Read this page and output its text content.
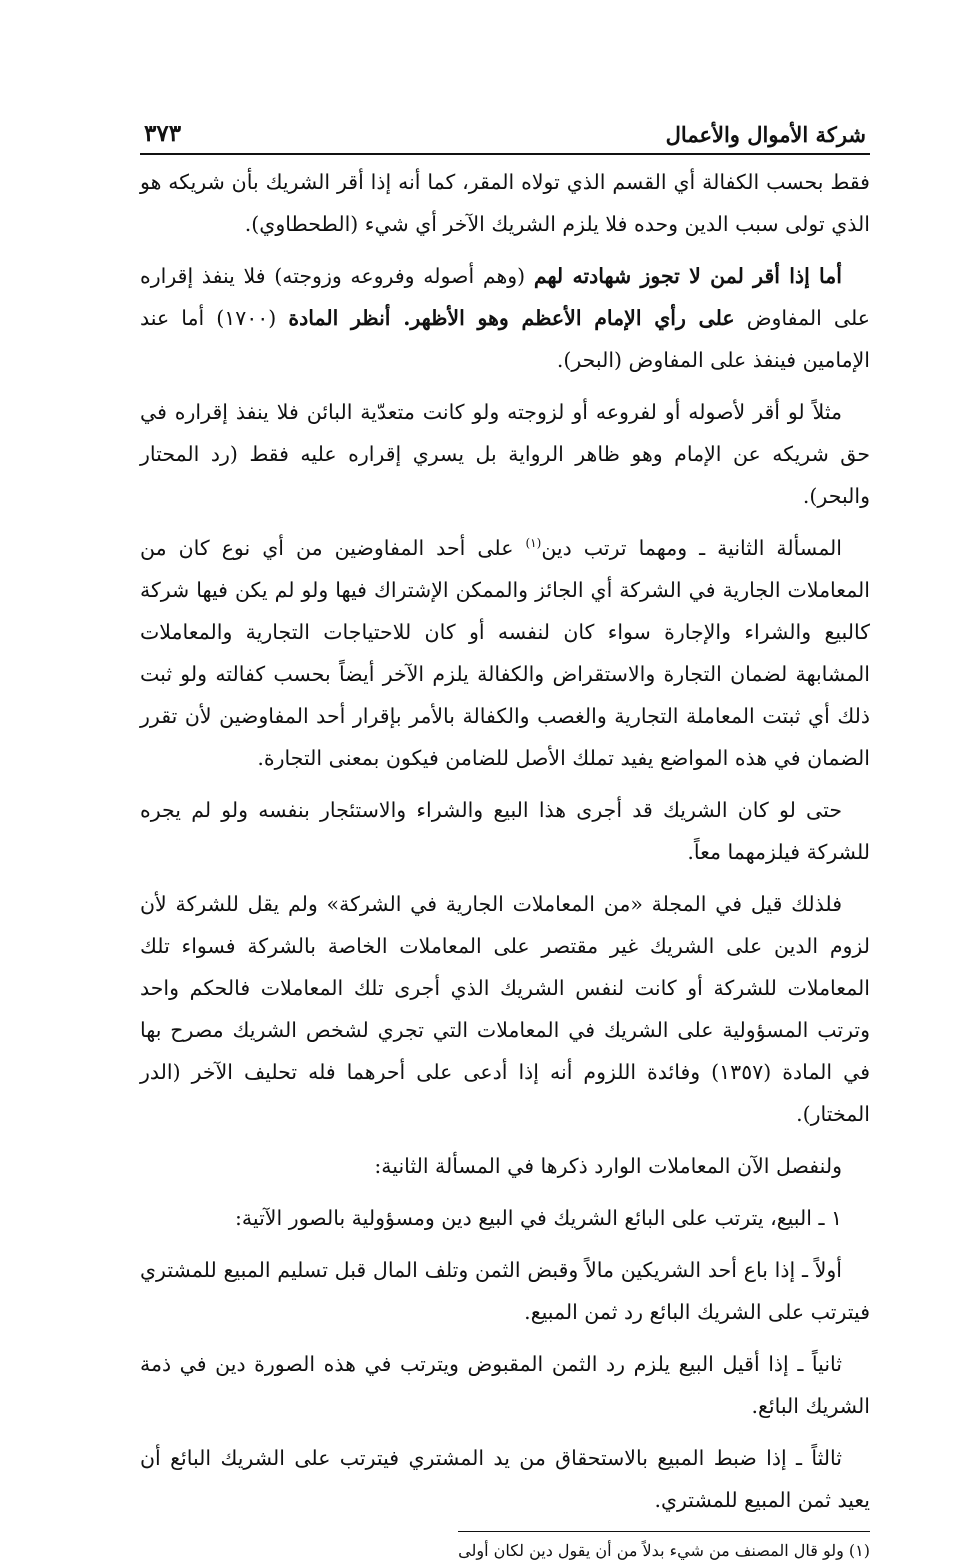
شركة الأموال والأعمال
٣٧٣

فقط بحسب الكفالة أي القسم الذي تولاه المقر، كما أنه إذا أقر الشريك بأن شريكه هو الذي تولى سبب الدين وحده فلا يلزم الشريك الآخر أي شيء (الطحطاوي).

أما إذا أقر لمن لا تجوز شهادته لهم (وهم أصوله وفروعه وزوجته) فلا ينفذ إقراره على المفاوض على رأي الإمام الأعظم وهو الأظهر. أنظر المادة (١٧٠٠) أما عند الإمامين فينفذ على المفاوض (البحر).

مثلاً لو أقر لأصوله أو لفروعه أو لزوجته ولو كانت متعدّية البائن فلا ينفذ إقراره في حق شريكه عن الإمام وهو ظاهر الرواية بل يسري إقراره عليه فقط (رد المحتار والبحر).

المسألة الثانية ـ ومهما ترتب دين$^{(١)}$ على أحد المفاوضين من أي نوع كان من المعاملات الجارية في الشركة أي الجائز والممكن الإشتراك فيها ولو لم يكن فيها شركة كالبيع والشراء والإجارة سواء كان لنفسه أو كان للاحتياجات التجارية والمعاملات المشابهة لضمان التجارة والاستقراض والكفالة يلزم الآخر أيضاً بحسب كفالته ولو ثبت ذلك أي ثبتت المعاملة التجارية والغصب والكفالة بالأمر بإقرار أحد المفاوضين لأن تقرر الضمان في هذه المواضع يفيد تملك الأصل للضامن فيكون بمعنى التجارة.

حتى لو كان الشريك قد أجرى هذا البيع والشراء والاستئجار بنفسه ولو لم يجره للشركة فيلزمهما معاً.

فلذلك قيل في المجلة «من المعاملات الجارية في الشركة» ولم يقل للشركة لأن لزوم الدين على الشريك غير مقتصر على المعاملات الخاصة بالشركة فسواء تلك المعاملات للشركة أو كانت لنفس الشريك الذي أجرى تلك المعاملات فالحكم واحد وترتب المسؤولية على الشريك في المعاملات التي تجري لشخص الشريك مصرح بها في المادة (١٣٥٧) وفائدة اللزوم أنه إذا أدعى على أحرهما فله تحليف الآخر (الدر المختار).

ولنفصل الآن المعاملات الوارد ذكرها في المسألة الثانية:

١ ـ البيع، يترتب على البائع الشريك في البيع دين ومسؤولية بالصور الآتية:

أولاً ـ إذا باع أحد الشريكين مالاً وقبض الثمن وتلف المال قبل تسليم المبيع للمشتري فيترتب على الشريك البائع رد ثمن المبيع.

ثانياً ـ إذا أقيل البيع يلزم رد الثمن المقبوض ويترتب في هذه الصورة دين في ذمة الشريك البائع.

ثالثاً ـ إذا ضبط المبيع بالاستحقاق من يد المشتري فيترتب على الشريك البائع أن يعيد ثمن المبيع للمشتري.

(١) ولو قال المصنف من شيء بدلاً من أن يقول دين لكان أولى
